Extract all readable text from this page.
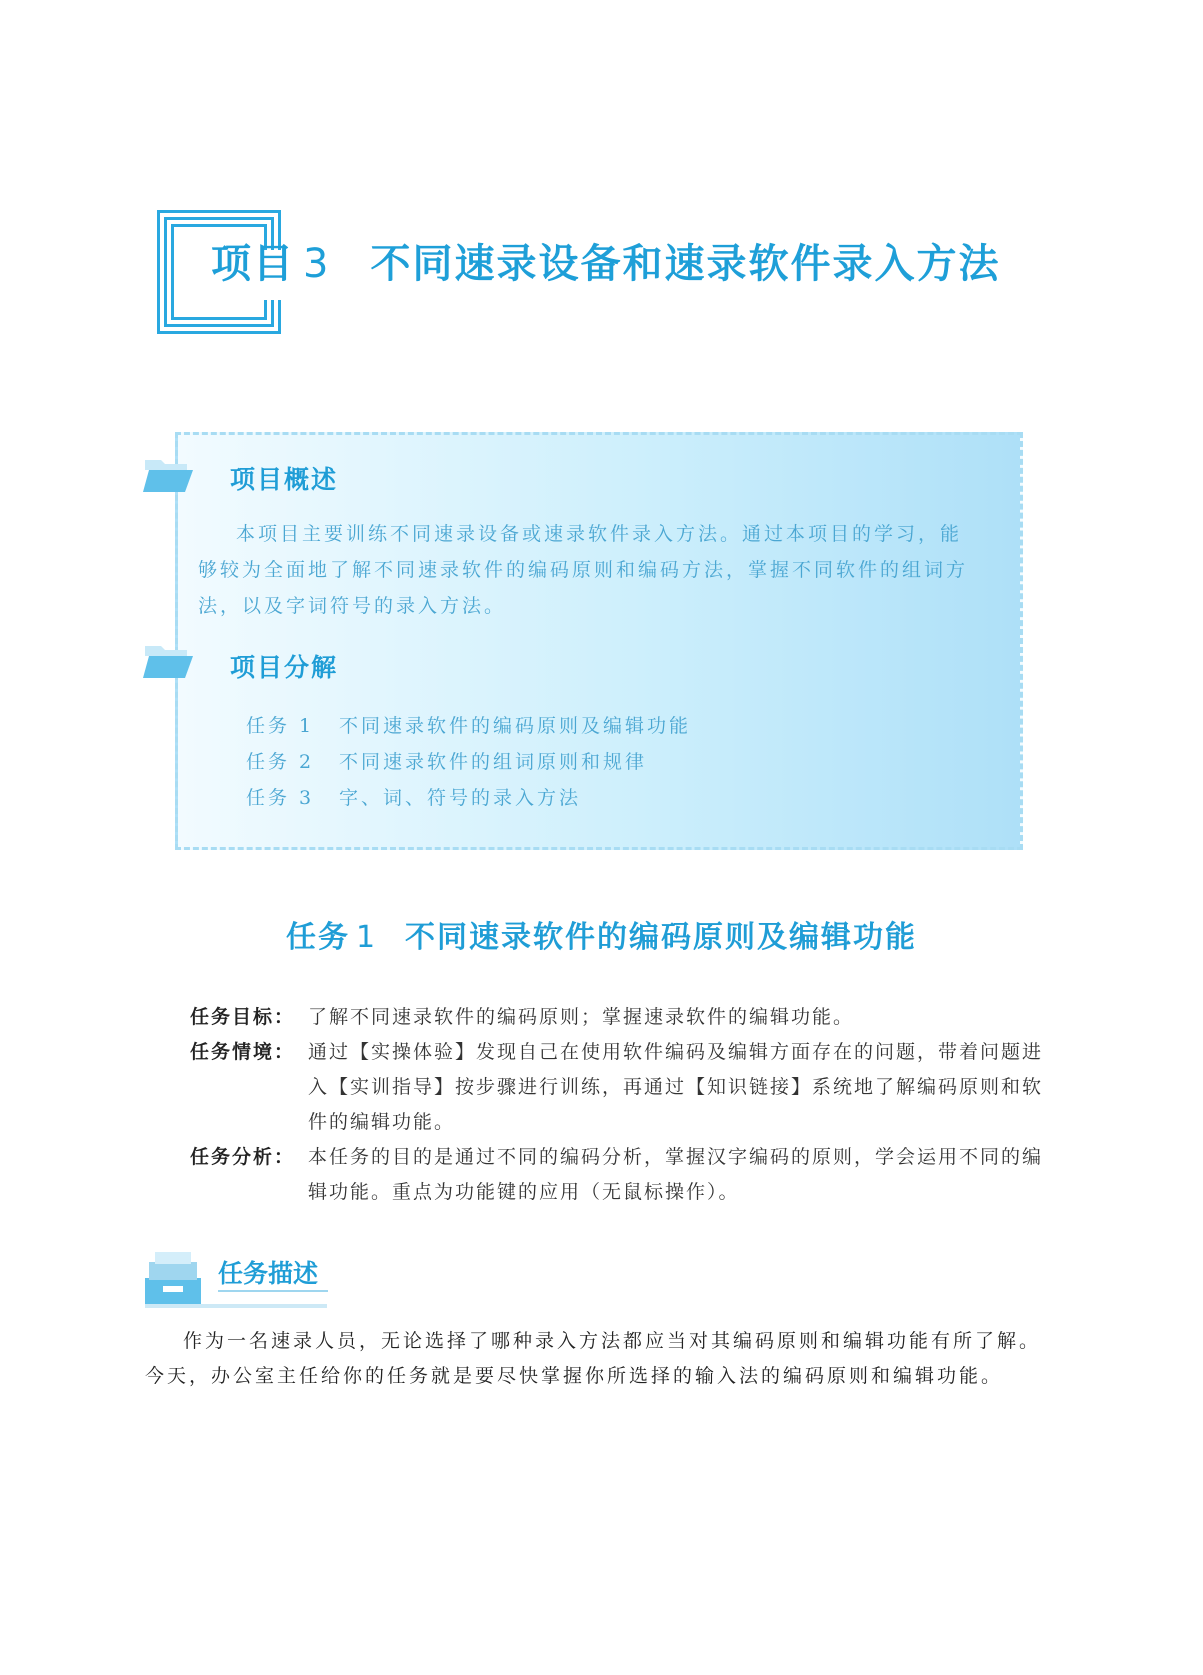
项目 3 不同速录设备和速录软件录入方法
项目概述
本项目主要训练不同速录设备或速录软件录入方法。通过本项目的学习，能够较为全面地了解不同速录软件的编码原则和编码方法，掌握不同软件的组词方法，以及字词符号的录入方法。
项目分解
任务 1 不同速录软件的编码原则及编辑功能
任务 2 不同速录软件的组词原则和规律
任务 3 字、词、符号的录入方法
任务 1 不同速录软件的编码原则及编辑功能
任务目标： 了解不同速录软件的编码原则；掌握速录软件的编辑功能。
任务情境： 通过【实操体验】发现自己在使用软件编码及编辑方面存在的问题，带着问题进入【实训指导】按步骤进行训练，再通过【知识链接】系统地了解编码原则和软件的编辑功能。
任务分析： 本任务的目的是通过不同的编码分析，掌握汉字编码的原则，学会运用不同的编辑功能。重点为功能键的应用（无鼠标操作）。
任务描述
作为一名速录人员，无论选择了哪种录入方法都应当对其编码原则和编辑功能有所了解。今天，办公室主任给你的任务就是要尽快掌握你所选择的输入法的编码原则和编辑功能。
